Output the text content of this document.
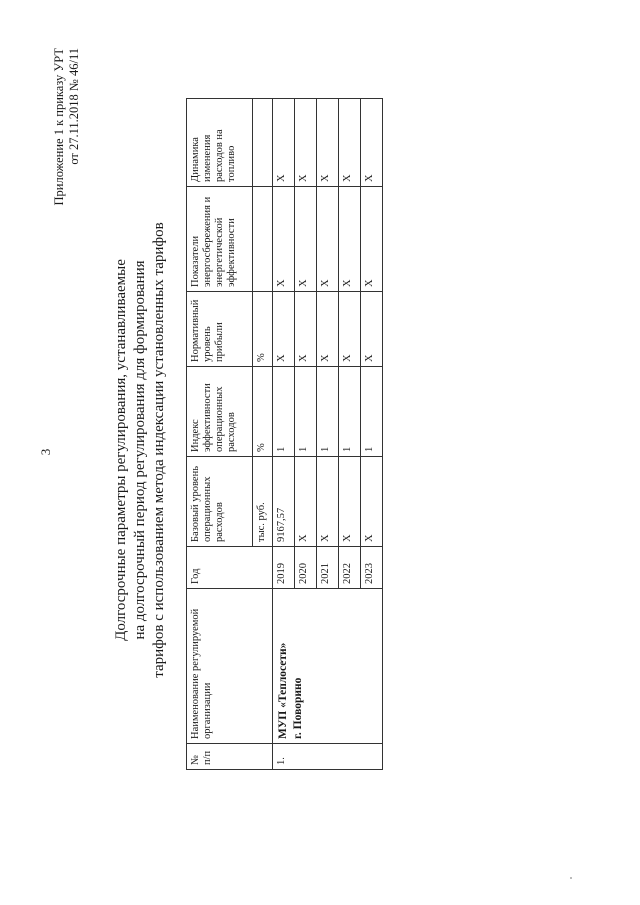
3
Приложение 1 к приказу УРТ от 27.11.2018 № 46/11
Долгосрочные параметры регулирования, устанавливаемые на долгосрочный период регулирования для формирования тарифов с использованием метода индексации установленных тарифов
№ п/п	Наименование регулируемой организации	Год	Базовый уровень операционных расходов	Индекс эффективности операционных расходов	Нормативный уровень прибыли	Показатели энергосбережения и энергетической эффективности	Динамика изменения расходов на топливо
			тыс. руб.	%	%		
1.	МУП «Теплосети» г. Поворино	2019	9167,57	1	X	X	X
		2020	X	1	X	X	X
		2021	X	1	X	X	X
		2022	X	1	X	X	X
		2023	X	1	X	X	X
